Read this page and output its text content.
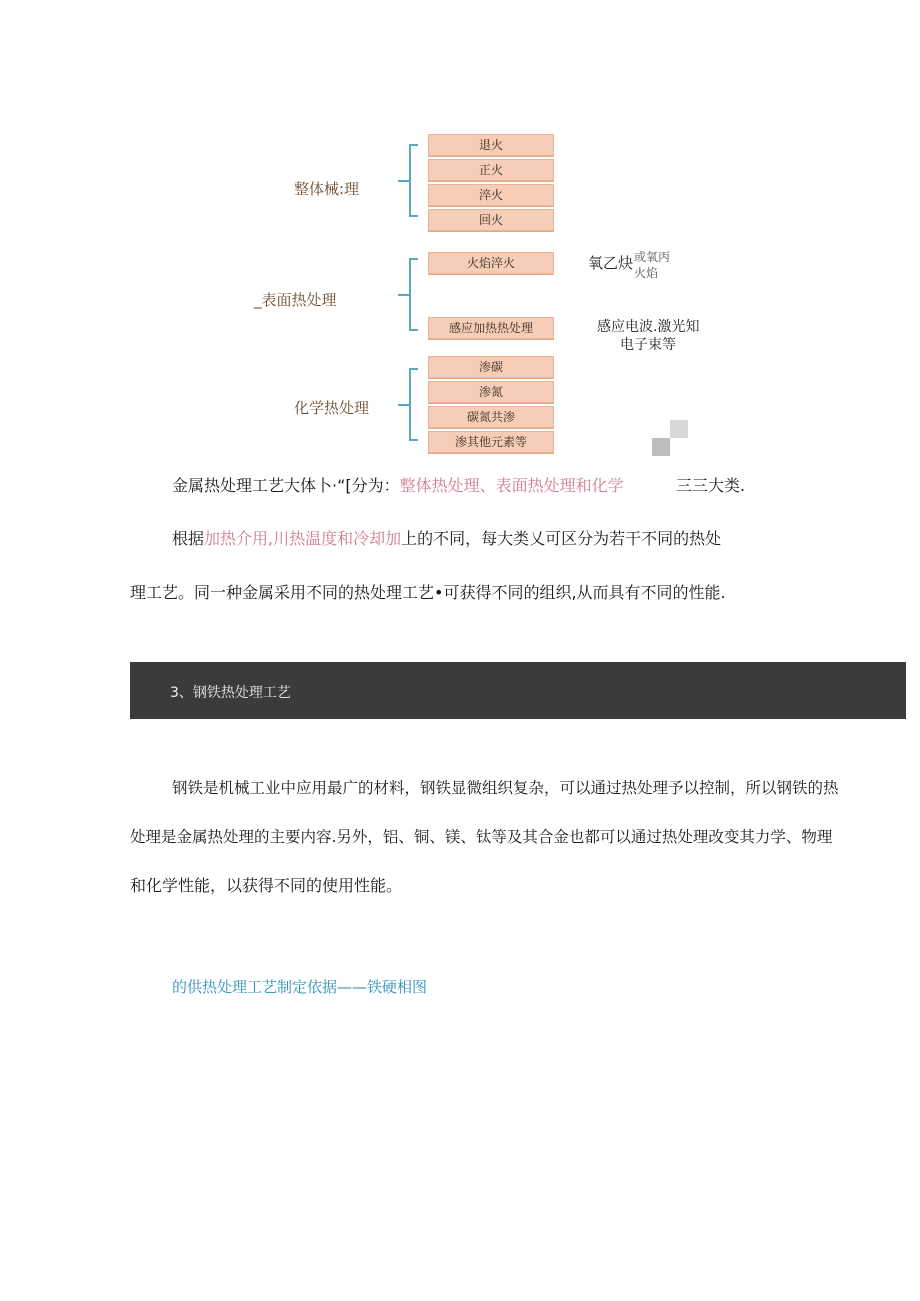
整体械:理
退火
正火
淬火
回火
_表面热处理
火焰淬火
感应加热热处理
氧乙炔 或氧丙
火焰
感应电波.激光知
电子束等
化学热处理
渗碳
渗氮
碳氮共渗
渗其他元素等
金属热处理工艺大体卜·“[分为：整体热处理、表面热处理和化学	三三大类.
根据加热介用,川热温度和冷却加上的不同，每大类乂可区分为若干不同的热处
理工艺。同一种金属采用不同的热处理工艺•可获得不同的组织,从而具有不同的性能.
3、钢铁热处理工艺
钢铁是机械工业中应用最广的材料，钢铁显微组织复杂，可以通过热处理予以控制，所以钢铁的热
处理是金属热处理的主要内容.另外，铝、铜、镁、钛等及其合金也都可以通过热处理改变其力学、物理
和化学性能，以获得不同的使用性能。
的供热处理工艺制定依据——铁硬相图
